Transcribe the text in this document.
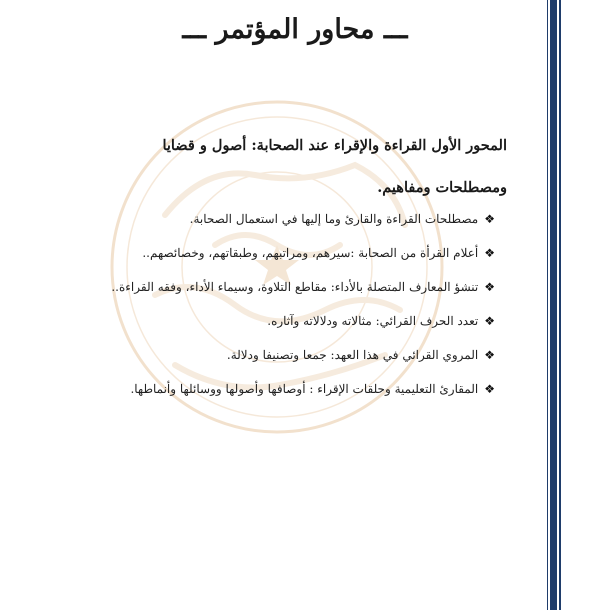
ـــ محاور المؤتمر ـــ
المحور الأول القراءة والإقراء عند الصحابة: أصول و قضايا ومصطلحات ومفاهيم.
❖
مصطلحات القراءة والقارئ وما إليها في استعمال الصحابة.
❖
أعلام القرأة من الصحابة :سيرهم، ومراتبهم، وطبقاتهم، وخصائصهم..
❖
تنشؤ المعارف المتصلة بالأداء: مقاطع التلاوة، وسيماء الأداء، وفقه القراءة..
❖
تعدد الحرف القرائي: مثالاته ودلالاته وآثاره.
❖
المروي القرائي في هذا العهد: جمعا وتصنيفا ودلالة.
❖
المقارئ التعليمية وحلقات الإقراء : أوصافها وأصولها ووسائلها وأنماطها.
